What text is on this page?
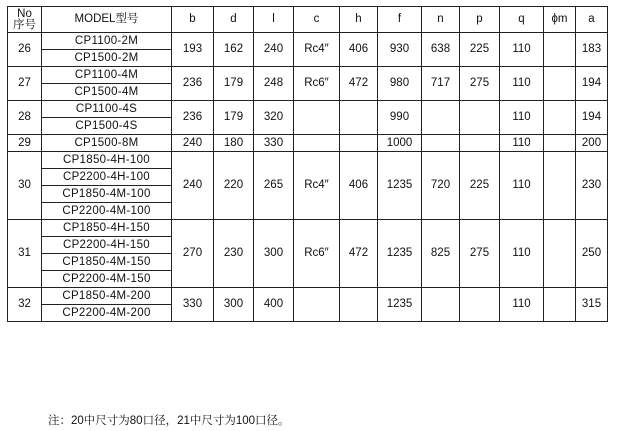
No
序号	MODEL型号	b	d	l	c	h	f	n	p	q	ϕm	a
26	CP1100-2M	193	162	240	Rc4″	406	930	638	225	110		183
	CP1500-2M											
27	CP1100-4M	236	179	248	Rc6″	472	980	717	275	110		194
	CP1500-4M											
28	CP1100-4S	236	179	320			990			110		194
	CP1500-4S											
29	CP1500-8M	240	180	330			1000			110		200
30	CP1850-4H-100	240	220	265	Rc4″	406	1235	720	225	110		230
	CP2200-4H-100											
	CP1850-4M-100											
	CP2200-4M-100											
31	CP1850-4H-150	270	230	300	Rc6″	472	1235	825	275	110		250
	CP2200-4H-150											
	CP1850-4M-150											
	CP2200-4M-150											
32	CP1850-4M-200	330	300	400			1235			110		315
	CP2200-4M-200											
注：20中尺寸为80口径，21中尺寸为100口径。
